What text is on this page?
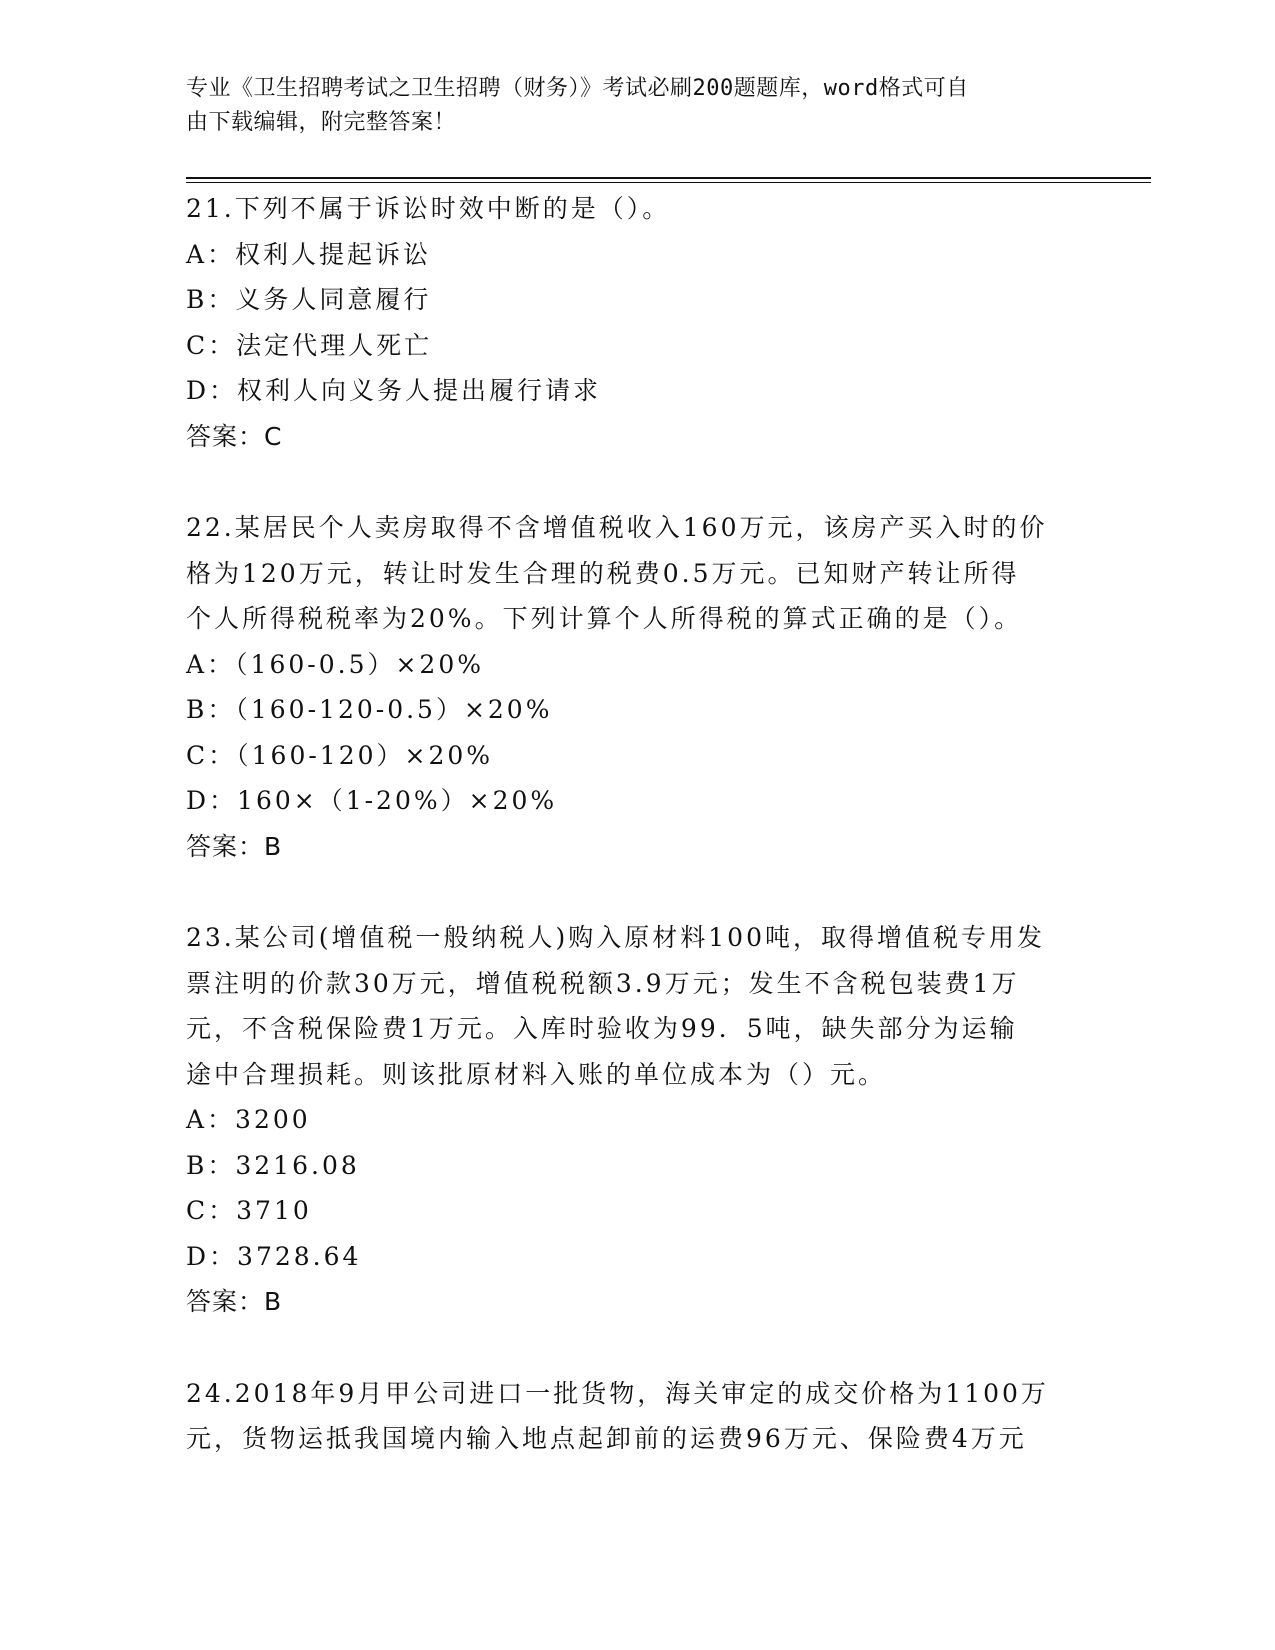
专业《卫生招聘考试之卫生招聘（财务）》考试必刷200题题库，word格式可自
由下载编辑，附完整答案！

21.下列不属于诉讼时效中断的是（）。

A：权利人提起诉讼

B：义务人同意履行

C：法定代理人死亡

D：权利人向义务人提出履行请求

答案：C

22.某居民个人卖房取得不含增值税收入160万元，该房产买入时的价

格为120万元，转让时发生合理的税费0.5万元。已知财产转让所得

个人所得税税率为20%。下列计算个人所得税的算式正确的是（）。

A：（160-0.5）×20%

B：（160-120-0.5）×20%

C：（160-120）×20%

D：160×（1-20%）×20%

答案：B

23.某公司(增值税一般纳税人)购入原材料100吨，取得增值税专用发

票注明的价款30万元，增值税税额3.9万元；发生不含税包装费1万

元，不含税保险费1万元。入库时验收为99．5吨，缺失部分为运输

途中合理损耗。则该批原材料入账的单位成本为（）元。

A：3200

B：3216.08

C：3710

D：3728.64

答案：B

24.2018年9月甲公司进口一批货物，海关审定的成交价格为1100万

元，货物运抵我国境内输入地点起卸前的运费96万元、保险费4万元
